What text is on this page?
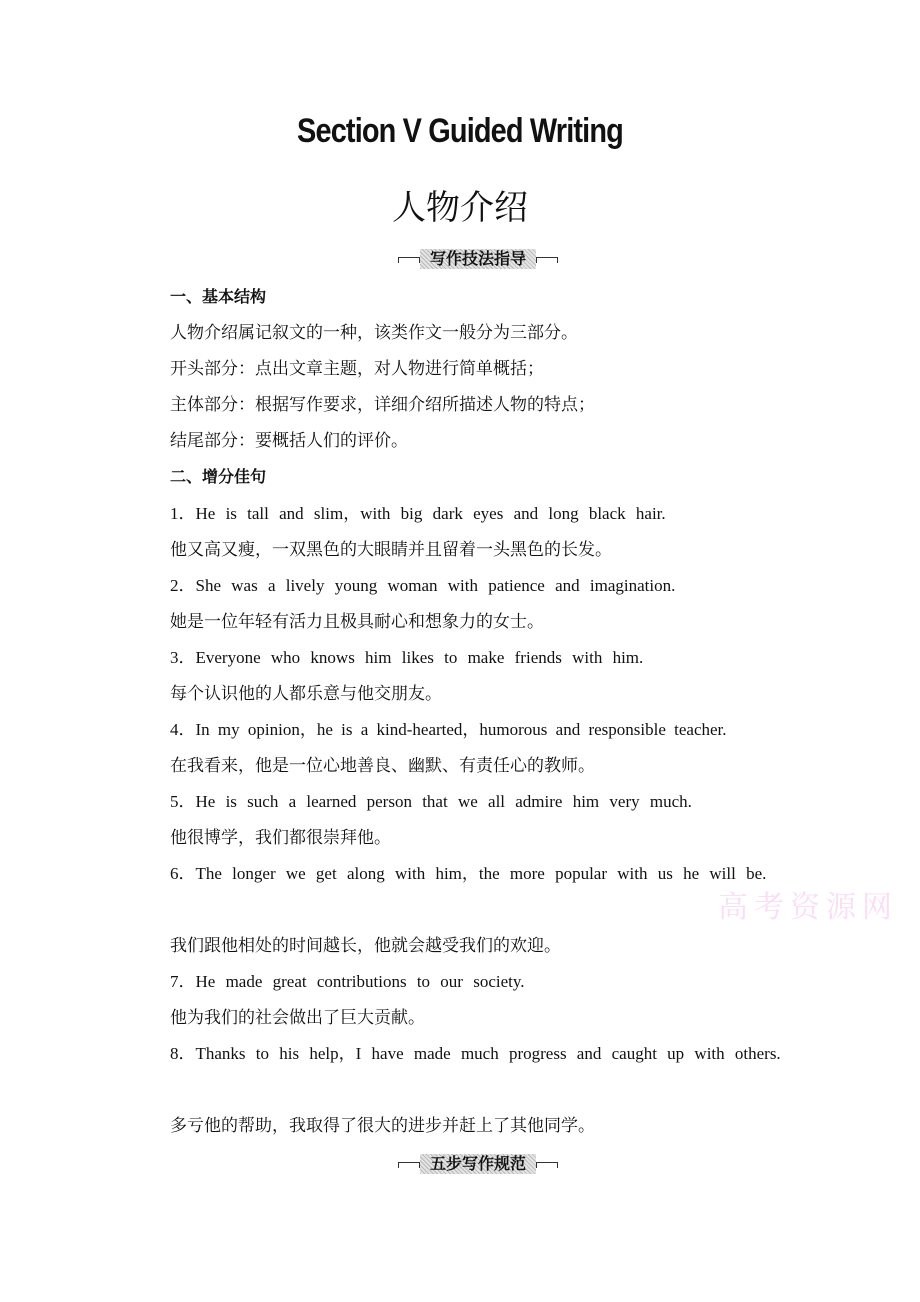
Section V Guided Writing
人物介绍
写作技法指导
一、基本结构
人物介绍属记叙文的一种，该类作文一般分为三部分。
开头部分：点出文章主题，对人物进行简单概括；
主体部分：根据写作要求，详细介绍所描述人物的特点；
结尾部分：要概括人们的评价。
二、增分佳句
1．He is tall and slim，with big dark eyes and long black hair.
他又高又瘦，一双黑色的大眼睛并且留着一头黑色的长发。
2．She was a lively young woman with patience and imagination.
她是一位年轻有活力且极具耐心和想象力的女士。
3．Everyone who knows him likes to make friends with him.
每个认识他的人都乐意与他交朋友。
4．In my opinion，he is a kind-hearted，humorous and responsible teacher.
在我看来，他是一位心地善良、幽默、有责任心的教师。
5．He is such a learned person that we all admire him very much.
他很博学，我们都很崇拜他。
6．The longer we get along with him，the more popular with us he will be.
我们跟他相处的时间越长，他就会越受我们的欢迎。
7．He made great contributions to our society.
他为我们的社会做出了巨大贡献。
8．Thanks to his help，I have made much progress and caught up with others.
多亏他的帮助，我取得了很大的进步并赶上了其他同学。
五步写作规范
高考资源网
